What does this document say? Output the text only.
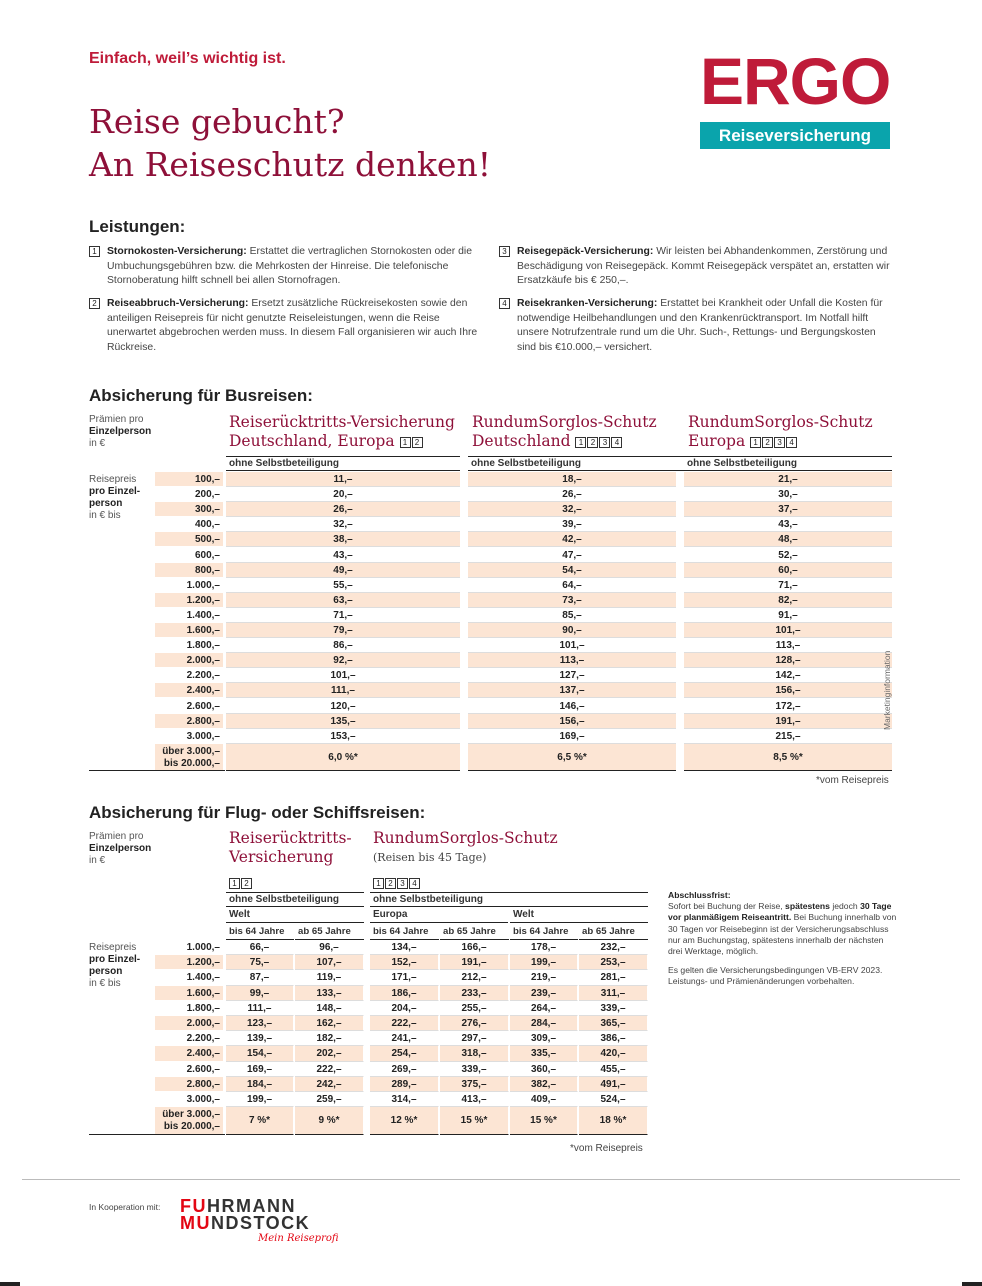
Einfach, weil’s wichtig ist.
Reise gebucht?
An Reiseschutz denken!
ERGO
Reiseversicherung
Leistungen:
1 Stornokosten-Versicherung: Erstattet die vertraglichen Stornokosten oder die Umbuchungsgebühren bzw. die Mehrkosten der Hinreise. Die telefonische Stornoberatung hilft schnell bei allen Stornofragen.
2 Reiseabbruch-Versicherung: Ersetzt zusätzliche Rückreisekosten sowie den anteiligen Reisepreis für nicht genutzte Reiseleistungen, wenn die Reise unerwartet abgebrochen werden muss. In diesem Fall organisieren wir auch Ihre Rückreise.
3 Reisegepäck-Versicherung: Wir leisten bei Abhandenkommen, Zerstörung und Beschädigung von Reisegepäck. Kommt Reisegepäck verspätet an, erstatten wir Ersatzkäufe bis € 250,–.
4 Reisekranken-Versicherung: Erstattet bei Krankheit oder Unfall die Kosten für notwendige Heilbehandlungen und den Krankenrücktransport. Im Notfall hilft unsere Notrufzentrale rund um die Uhr. Such-, Rettungs- und Bergungskosten sind bis €10.000,– versichert.
Absicherung für Busreisen:
Prämien pro
Einzelperson
in €
Reiserücktritts-Versicherung
Deutschland, Europa 1 2
RundumSorglos-Schutz
Deutschland 1 2 3 4
RundumSorglos-Schutz
Europa 1 2 3 4
ohne Selbstbeteiligung	ohne Selbstbeteiligung	ohne Selbstbeteiligung
Reisepreis
pro Einzel-
person
in € bis
100,–	11,–	18,–	21,–
200,–	20,–	26,–	30,–
300,–	26,–	32,–	37,–
400,–	32,–	39,–	43,–
500,–	38,–	42,–	48,–
600,–	43,–	47,–	52,–
800,–	49,–	54,–	60,–
1.000,–	55,–	64,–	71,–
1.200,–	63,–	73,–	82,–
1.400,–	71,–	85,–	91,–
1.600,–	79,–	90,–	101,–
1.800,–	86,–	101,–	113,–
2.000,–	92,–	113,–	128,–
2.200,–	101,–	127,–	142,–
2.400,–	111,–	137,–	156,–
2.600,–	120,–	146,–	172,–
2.800,–	135,–	156,–	191,–
3.000,–	153,–	169,–	215,–
über 3.000,–
bis 20.000,–
6,0 %*	6,5 %*	8,5 %*
*vom Reisepreis
Marketinginformation
Absicherung für Flug- oder Schiffsreisen:
Prämien pro
Einzelperson
in €
Reiserücktritts-
Versicherung
1 2
RundumSorglos-Schutz
(Reisen bis 45 Tage)
1 2 3 4
ohne Selbstbeteiligung	ohne Selbstbeteiligung
Welt	Europa	Welt
Reisepreis
pro Einzel-
person
in € bis
bis 64 Jahre	ab 65 Jahre	bis 64 Jahre	ab 65 Jahre	bis 64 Jahre	ab 65 Jahre
1.000,–	66,–	96,–	134,–	166,–	178,–	232,–
1.200,–	75,–	107,–	152,–	191,–	199,–	253,–
1.400,–	87,–	119,–	171,–	212,–	219,–	281,–
1.600,–	99,–	133,–	186,–	233,–	239,–	311,–
1.800,–	111,–	148,–	204,–	255,–	264,–	339,–
2.000,–	123,–	162,–	222,–	276,–	284,–	365,–
2.200,–	139,–	182,–	241,–	297,–	309,–	386,–
2.400,–	154,–	202,–	254,–	318,–	335,–	420,–
2.600,–	169,–	222,–	269,–	339,–	360,–	455,–
2.800,–	184,–	242,–	289,–	375,–	382,–	491,–
3.000,–	199,–	259,–	314,–	413,–	409,–	524,–
über 3.000,–
bis 20.000,–
7 %*	9 %*	12 %*	15 %*	15 %*	18 %*
*vom Reisepreis
Abschlussfrist:
Sofort bei Buchung der Reise, spätestens jedoch 30 Tage vor planmäßigem Reiseantritt. Bei Buchung innerhalb von 30 Tagen vor Reisebeginn ist der Versicherungsabschluss nur am Buchungstag, spätestens innerhalb der nächsten drei Werktage, möglich.
Es gelten die Versicherungsbedingungen VB-ERV 2023. Leistungs- und Prämienänderungen vorbehalten.
In Kooperation mit: FUHRMANN
MUNDSTOCK
Mein Reiseprofi
